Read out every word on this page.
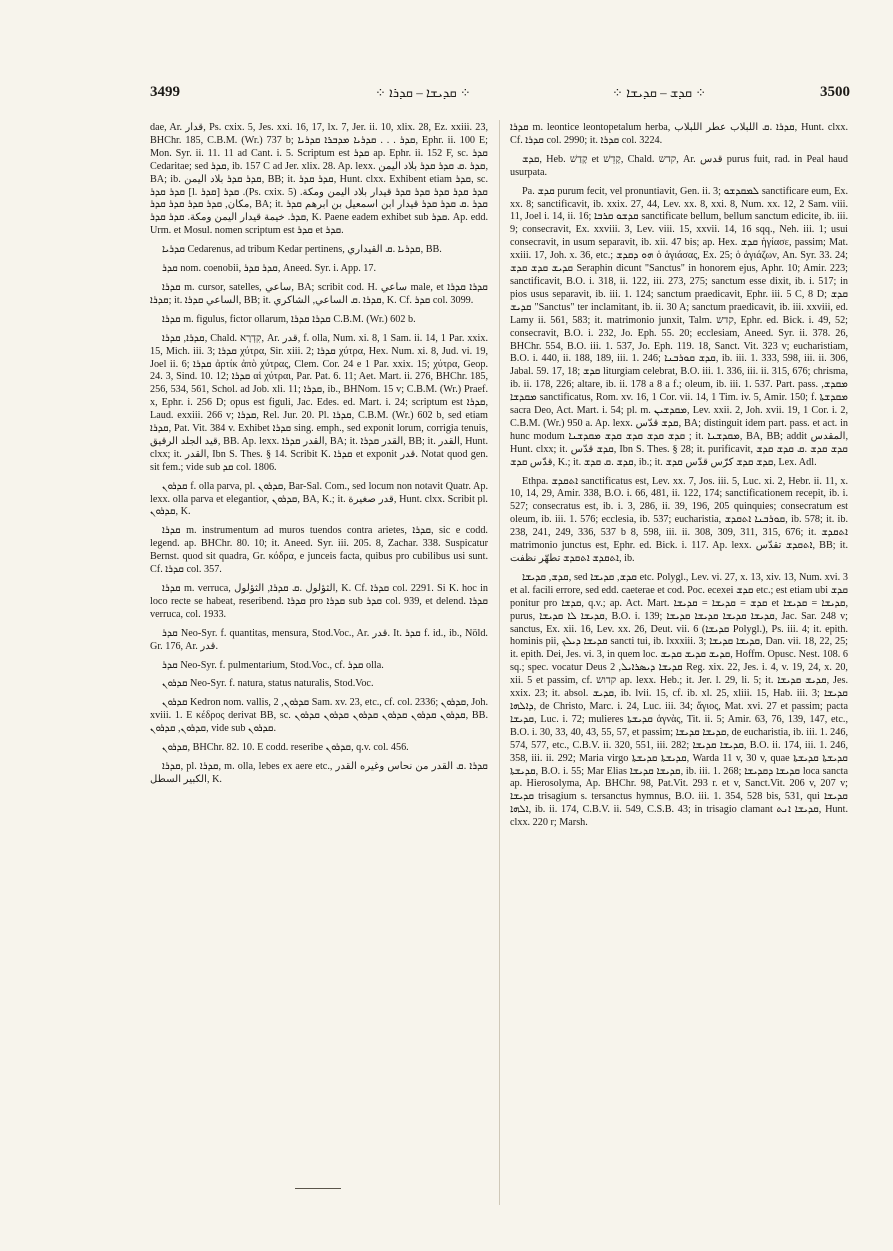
3499	⁘ ܩܕܝܫܐ – ܩܕܪܐ ⁘	⁘ ܩܕܫ – ܩܕܝܫܐ ⁘	3500

dae, Ar. قدار, Ps. cxix. 5, Jes. xxi. 16, 17, lx. 7, Jer. ii. 10, xlix. 28, Ez. xxiii. 23, BHChr. 185, C.B.M. (Wr.) 737 b; ܩܕܪ . . . ܩܕܪܝܐ ܡܕܒܪܐ ܩܕܪܝܐ, Ephr. ii. 100 E; Mon. Syr. ii. 11. 11 ad Cant. i. 5. Scriptum est ܩܕܪ ap. Ephr. ii. 152 F, sc. ܩܕܪ Cedaritae; sed ܩܕܪ, ib. 157 C ad Jer. xlix. 28. Ap. lexx. ܩܕܪ .ܩ ܩܕܪ ܩܕܪ بلاد اليمن, BA; ib. ܩܕܪ ܩܕܪ بلاد اليمن, BB; it. ܩܕܪ ܩܕܪ, Hunt. clxx. Exhibent etiam ܩܕܪ, sc. ܩܕܪ ܩܕܪ [l. ܩܕܪ] ܩܕܪ .(Ps. cxix. 5) ܩܕܪ ܩܕܪ ܩܕܪ ܩܕܪ ܩܕܪ قيدار بلاد اليمن ومكة. مكان, ܩܕܪ ܩܕܪ ܩܕܪ ܩܕܪ, BA; it. ܩܕܪ .ܩ ܩܕܪ ܩܕܪ قيدار ابن اسمعيل بن ابرهم ܩܕܪ ܩܕܪ. خيمة قيدار اليمن ومكة. ܩܕܪ ܩܕܪ, K. Paene eadem exhibet sub ܩܕܪ. Ap. edd. Urm. et Mosul. nomen scriptum est ܩܕܪ et ܩܕܪ.

ܩܕܪܝܐ Cedarenus, ad tribum Kedar pertinens, ܩܕܪܝܐ .ܩ القيداري, BB.

ܩܕܪ nom. coenobii, ܩܕܪ ܩܕܪ, Aneed. Syr. i. App. 17.

ܩܕܪܐ m. cursor, satelles, ساعي, BA; scribit cod. H. ساعي male, et ܩܕܪܐ ܩܕܪܐ ܩܕܪܐ; it. الساعي ܩܕܪܐ, BB; it. ܩܕܪܐ .ܩ الساعي, الشاكري, K. Cf. ܩܕܪ col. 3099.

ܩܕܪܐ m. figulus, fictor ollarum, ܩܕܪܐ ܩܕܪܐ C.B.M. (Wr.) 602 b.

ܩܕܪܐ, ܩܕܪܐ, Chald. קִדְרָא, Ar. قدر, f. olla, Num. xi. 8, 1 Sam. ii. 14, 1 Par. xxix. 15, Mich. iii. 3; ܩܕܪܐ χύτρα, Sir. xiii. 2; ܩܕܪܐ χύτρα, Hex. Num. xi. 8, Jud. vi. 19, Joel ii. 6; ܩܕܪܐ ἀρτίκ ἀπὸ χύτρας, Clem. Cor. 24 e 1 Par. xxix. 15; χύτρα, Geop. 24. 3, Sind. 10. 12; ܩܕܪܐ αἱ χύτραι, Par. Pat. 6. 11; Aet. Mart. ii. 276, BHChr. 185, 256, 534, 561, Schol. ad Job. xli. 11; ܩܕܪܐ, ib., BHNom. 15 v; C.B.M. (Wr.) Praef. x, Ephr. i. 256 D; opus est figuli, Jac. Edes. ed. Mart. i. 24; scriptum est ܩܕܪܐ, Laud. exxiii. 266 v; ܩܕܪܐ, Rel. Jur. 20. Pl. ܩܕܪܐ, C.B.M. (Wr.) 602 b, sed etiam ܩܕܪܐ, Pat. Vit. 384 v. Exhibet ܩܕܪܐ sing. emph., sed exponit lorum, corrigia tenuis, قيد الجلد الرقيق, BB. Ap. lexx. القدر ܩܕܪܐ, BA; it. القدر ܩܕܪܐ, BB; it. القدر, Hunt. clxx; it. القدر, Ibn S. Thes. § 14. Scribit K. ܩܕܪܐ et exponit قدر. Notat quod gen. sit fem.; vide sub ܩܕ col. 1806.

ܩܕܪܘܢ f. olla parva, pl. ܩܕܪܘܢ, Bar-Sal. Com., sed locum non notavit Quatr. Ap. lexx. olla parva et elegantior, ܩܕܪܘܢ, BA, K.; it. قدر صغيرة, Hunt. clxx. Scribit pl. ܩܕܪܘܢ, K.

ܩܕܪܐ m. instrumentum ad muros tuendos contra arietes, ܩܕܪܐ, sic e codd. legend. ap. BHChr. 80. 10; it. Aneed. Syr. iii. 205. 8, Zachar. 338. Suspicatur Bernst. quod sit quadra, Gr. κόδρα, e junceis facta, quibus pro cubilibus usi sunt. Cf. ܩܕܪܐ col. 357.

ܩܕܪܐ m. verruca, الثؤلول .ܩ ܩܕܪܐ, الثؤلول, K. Cf. ܩܕܪܐ col. 2291. Si K. hoc in loco recte se habeat, reseribend. ܩܕܪܐ pro ܩܕܪܐ sub ܩܕܪ col. 939, et delend. ܩܕܪܐ verruca, col. 1933.

ܩܕܪ Neo-Syr. f. quantitas, mensura, Stod.Voc., Ar. قدر. It. ܩܕܪ f. id., ib., Nöld. Gr. 176, Ar. قدر.

ܩܕܪ Neo-Syr. f. pulmentarium, Stod.Voc., cf. ܩܕܪ olla.

ܩܕܪܘܢ Neo-Syr. f. natura, status naturalis, Stod.Voc.

ܩܕܪܘܢ Kedron nom. vallis, ܩܕܪܘܢ, 2 Sam. xv. 23, etc., cf. col. 2336; ܩܕܪܘܢ, Joh. xviii. 1. E κέδρος derivat BB, sc. ܩܕܪܘܢ ܩܕܪܘܢ ܩܕܪܘܢ ܩܕܪܘܢ ܩܕܪܘܢ ܩܕܪܘܢ, BB. ܩܕܪܘܢ, ܩܕܪܘܢ, vide sub ܩܕܪܘܢ.

ܩܕܪܘܢ, BHChr. 82. 10. E codd. reseribe ܩܕܪܘܢ, q.v. col. 456.

ܩܕܪܐ, pl. ܩܕܪܐ, m. olla, lebes ex aere etc., ܩܕܪܐ .ܩ القدر من نحاس وغيره القدر الكبير السطل, K.

ܩܕܪܐ m. leontice leontopetalum herba, ܩܕܪܐ .ܩ اللبلاب عطر اللبلاب, Hunt. clxx. Cf. ܩܕܪܐ col. 2990; it. ܩܕܪܐ col. 3224.

ܩܕܫ, Heb. קָדַשׁ et קָדֵשׁ, Chald. קדש, Ar. قدس purus fuit, rad. in Peal haud usurpata.

Pa. ܩܕܫ purum fecit, vel pronuntiavit, Gen. ii. 3; ܠܡܩܕܫܘ sanctificare eum, Ex. xx. 8; sanctificavit, ib. xxix. 27, 44, Lev. xx. 8, xxi. 8, Num. xx. 12, 2 Sam. viii. 11, Joel i. 14, ii. 16; ܩܕܫܘ ܩܪܒܐ sanctificate bellum, bellum sanctum edicite, ib. iii. 9; consecravit, Ex. xxviii. 3, Lev. viii. 15, xxvii. 14, 16 sqq., Neh. iii. 1; usui consecravit, in usum separavit, ib. xii. 47 bis; ap. Hex. ܩܕܫ ἡγίασε, passim; Mat. xxiii. 17, Joh. x. 36, etc.; ܗܘ ܕܩܕܫ ὁ ἁγιάσας, Ex. 25; ὁ ἁγιάζων, An. Syr. 33. 24; ܩܕܝܫ ܩܕܫ ܩܕܫ Seraphin dicunt "Sanctus" in honorem ejus, Aphr. 10; Amir. 223; sanctificavit, B.O. i. 318, ii. 122, iii. 273, 275; sanctum esse dixit, ib. i. 517; in pios usus separavit, ib. iii. 1. 124; sanctum praedicavit, Ephr. iii. 5 C, 8 D; ܩܕܫ ܩܕܝܫ "Sanctus" ter inclamitant, ib. ii. 30 A; sanctum praedicavit, ib. iii. xxviii, ed. Lamy ii. 561, 583; it. matrimonio junxit, Talm. קדש, Ephr. ed. Bick. i. 49, 52; consecravit, B.O. i. 232, Jo. Eph. 55. 20; ecclesiam, Aneed. Syr. ii. 378. 26, BHChr. 554, B.O. iii. 1. 537, Jo. Eph. 119. 18, Sanct. Vit. 323 v; eucharistiam, B.O. i. 440, ii. 188, 189, iii. 1. 246; ܩܕܫ ܩܘܪܒܢܐ, ib. iii. 1. 333, 598, iii. ii. 306, Jabal. 59. 17, 18; ܩܕܫ liturgiam celebrat, B.O. iii. 1. 336, iii. ii. 315, 676; chrisma, ib. ii. 178, 226; altare, ib. ii. 178 a 8 a f.; oleum, ib. iii. 1. 537. Part. pass. ܡܩܕܫ, ܡܩܕܫܐ sanctificatus, Rom. xv. 16, 1 Cor. vii. 14, 1 Tim. iv. 5, Amir. 150; f. ܡܩܕܫܬܐ sacra Deo, Act. Mart. i. 54; pl. m. ܡܩܕܫܝܢ, Lev. xxii. 2, Joh. xvii. 19, 1 Cor. i. 2, C.B.M. (Wr.) 950 a. Ap. lexx. ܩܕܫ قدّس, BA; distinguit idem part. pass. et act. in hunc modum ܩܕܫ ܩܕܫ ܩܕܫ ܩܕܫ ܡܩܕܫܢܐ ; it. ܡܩܕܫܢܐ, BA, BB; addit المقدس, Hunt. clxx; it. ܩܕܫ قدّس, Ibn S. Thes. § 28; it. purificavit, ܩܕܫ ܩܕܫ .ܩ ܩܕܫ ܩܕܫ قدّس ܩܕܫ, K.; it. ܩܕܫ .ܩ ܩܕܫ, ib.; it. ܩܕܫ ܩܕܫ كرّس قدّس ܩܕܫ, Lex. Adl.

Ethpa. ܐܬܩܕܫ sanctificatus est, Lev. xx. 7, Jos. iii. 5, Luc. xi. 2, Hebr. ii. 11, x. 10, 14, 29, Amir. 338, B.O. i. 66, 481, ii. 122, 174; sanctificationem recepit, ib. i. 527; consecratus est, ib. i. 3, 286, ii. 39, 196, 205 quinquies; consecratum est oleum, ib. iii. 1. 576; ecclesia, ib. 537; eucharistia, ܩܘܪܒܢܐ ܐܬܩܕܫ, ib. 578; it. ib. 238, 241, 249, 336, 537 b 8, 598, iii. ii. 308, 309, 311, 315, 676; it. ܐܬܩܕܫ matrimonio junctus est, Ephr. ed. Bick. i. 117. Ap. lexx. ܐܬܩܕܫ تقدّس, BB; it. ܐܬܩܕܫ ܐܬܩܕܫ تطهّر نظفت, ib.

ܩܕܫ, ܩܕܝܫܐ, sed ܩܕܫ, ܩܕܝܫܐ etc. Polygl., Lev. vi. 27, x. 13, xiv. 13, Num. xvi. 3 et al. facili errore, sed edd. caeterae et cod. Poc. ecexei ܩܕܫ etc.; est etiam ubi ܩܕܫ ponitur pro ܩܕܫܐ, q.v.; ap. Act. Mart. ܩܕܫ = ܩܕܝܫܐ = ܩܕܝܫܐ et ܩܕܝܫܐ = ܩܕܝܫܐ, purus, ܩܕܝܫܐ ܠܐ ܩܕܝܫܐ, B.O. i. 139; ܩܕܝܫܐ ܩܕܝܫܐ ܩܕܝܫܐ ܩܕܝܫܐ, Jac. Sar. 248 v; sanctus, Ex. xii. 16, Lev. xx. 26, Deut. vii. 6 (ܩܕܝܫܐ Polygl.), Ps. iii. 4; it. epith. hominis pii, ܩܕܝܫܐ ܕܝܠܟ sancti tui, ib. lxxxiii. 3; ܩܕܝܫܐ ܩܕܝܫܐ, Dan. vii. 18, 22, 25; it. epith. Dei, Jes. vi. 3, in quem loc. ܩܕܝܫ ܩܕܝܫ ܩܕܝܫ, Hoffm. Opusc. Nest. 108. 6 sq.; spec. vocatur Deus ܩܕܝܫܐ ܕܝܣܪܐܝܠ, 2 Reg. xix. 22, Jes. i. 4, v. 19, 24, x. 20, xii. 5 et passim, cf. קדוש ap. lexx. Heb.; it. Jer. l. 29, li. 5; it. ܩܕܝܫ ܩܕܝܫܐ, Jes. xxix. 23; it. absol. ܩܕܝܫ, ib. lvii. 15, cf. ib. xl. 25, xliii. 15, Hab. iii. 3; ܩܕܝܫܐ ܕܐܠܗܐ, de Christo, Marc. i. 24, Luc. iii. 34; ἅγιος, Mat. xvi. 27 et passim; pacta ܩܕܝܫܐ, Luc. i. 72; mulieres ܩܕܝܫܬܐ ἁγνὰς, Tit. ii. 5; Amir. 63, 76, 139, 147, etc., B.O. i. 30, 33, 40, 43, 55, 57, et passim; ܩܕܝܫܐ ܩܕܝܫܐ, de eucharistia, ib. iii. 1. 246, 574, 577, etc., C.B.V. ii. 320, 551, iii. 282; ܩܕܝܫܐ ܩܕܝܫܐ, B.O. ii. 174, iii. 1. 246, 358, iii. ii. 292; Maria virgo ܩܕܝܫܬܐ ܩܕܝܫܬܐ, Warda 11 v, 30 v, quae ܩܕܝܫܬܐ ܩܕܝܫܬܐ ܩܕܝܫܬܐ, B.O. i. 55; Mar Elias ܩܕܝܫܐ ܩܕܝܫܐ, ib. iii. 1. 268; ܩܕܝܫܐ ܕܩܕܝܫܐ loca sancta ap. Hierosolyma, Ap. BHChr. 98, Pat.Vit. 293 r. et v, Sanct.Vit. 206 v, 207 v; ܩܕܝܫܐ trisagium s. tersanctus hymnus, B.O. iii. 1. 354, 528 bis, 531, qui ܩܕܝܫܐ ܐܠܗܐ, ib. ii. 174, C.B.V. ii. 549, C.S.B. 43; in trisagio clamant ܩܕܝܫܐ ܐܢܬ, Hunt. clxx. 220 r; Marsh.
